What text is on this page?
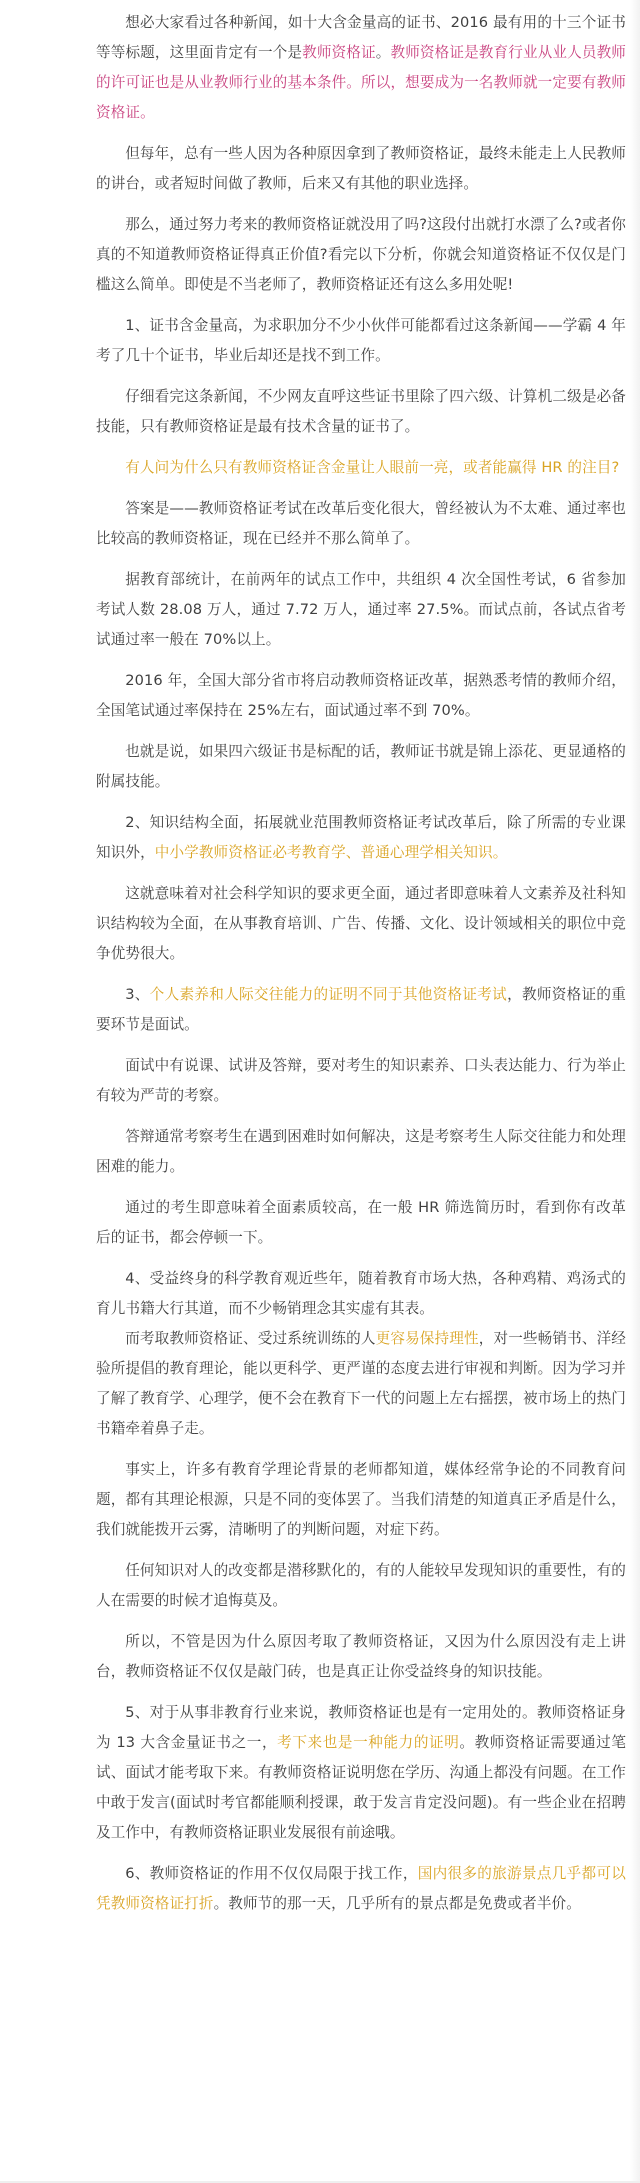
想必大家看过各种新闻，如十大含金量高的证书、2016 最有用的十三个证书等等标题，这里面肯定有一个是教师资格证。教师资格证是教育行业从业人员教师的许可证也是从业教师行业的基本条件。所以，想要成为一名教师就一定要有教师资格证。

但每年，总有一些人因为各种原因拿到了教师资格证，最终未能走上人民教师的讲台，或者短时间做了教师，后来又有其他的职业选择。

那么，通过努力考来的教师资格证就没用了吗?这段付出就打水漂了么?或者你真的不知道教师资格证得真正价值?看完以下分析，你就会知道资格证不仅仅是门槛这么简单。即使是不当老师了，教师资格证还有这么多用处呢!

1、证书含金量高，为求职加分不少小伙伴可能都看过这条新闻——学霸 4 年考了几十个证书，毕业后却还是找不到工作。

仔细看完这条新闻，不少网友直呼这些证书里除了四六级、计算机二级是必备技能，只有教师资格证是最有技术含量的证书了。

有人问为什么只有教师资格证含金量让人眼前一亮，或者能赢得 HR 的注目?

答案是——教师资格证考试在改革后变化很大，曾经被认为不太难、通过率也比较高的教师资格证，现在已经并不那么简单了。

据教育部统计，在前两年的试点工作中，共组织 4 次全国性考试，6 省参加考试人数 28.08 万人，通过 7.72 万人，通过率 27.5%。而试点前，各试点省考试通过率一般在 70%以上。

2016 年，全国大部分省市将启动教师资格证改革，据熟悉考情的教师介绍，全国笔试通过率保持在 25%左右，面试通过率不到 70%。

也就是说，如果四六级证书是标配的话，教师证书就是锦上添花、更显通格的附属技能。

2、知识结构全面，拓展就业范围教师资格证考试改革后，除了所需的专业课知识外，中小学教师资格证必考教育学、普通心理学相关知识。

这就意味着对社会科学知识的要求更全面，通过者即意味着人文素养及社科知识结构较为全面，在从事教育培训、广告、传播、文化、设计领域相关的职位中竞争优势很大。

3、个人素养和人际交往能力的证明不同于其他资格证考试，教师资格证的重要环节是面试。

面试中有说课、试讲及答辩，要对考生的知识素养、口头表达能力、行为举止有较为严苛的考察。

答辩通常考察考生在遇到困难时如何解决，这是考察考生人际交往能力和处理困难的能力。

通过的考生即意味着全面素质较高，在一般 HR 筛选简历时，看到你有改革后的证书，都会停顿一下。

4、受益终身的科学教育观近些年，随着教育市场大热，各种鸡精、鸡汤式的育儿书籍大行其道，而不少畅销理念其实虚有其表。

而考取教师资格证、受过系统训练的人更容易保持理性，对一些畅销书、洋经验所提倡的教育理论，能以更科学、更严谨的态度去进行审视和判断。因为学习并了解了教育学、心理学，便不会在教育下一代的问题上左右摇摆，被市场上的热门书籍牵着鼻子走。

事实上，许多有教育学理论背景的老师都知道，媒体经常争论的不同教育问题，都有其理论根源，只是不同的变体罢了。当我们清楚的知道真正矛盾是什么，我们就能拨开云雾，清晰明了的判断问题，对症下药。

任何知识对人的改变都是潜移默化的，有的人能较早发现知识的重要性，有的人在需要的时候才追悔莫及。

所以，不管是因为什么原因考取了教师资格证，又因为什么原因没有走上讲台，教师资格证不仅仅是敲门砖，也是真正让你受益终身的知识技能。

5、对于从事非教育行业来说，教师资格证也是有一定用处的。教师资格证身为 13 大含金量证书之一，考下来也是一种能力的证明。教师资格证需要通过笔试、面试才能考取下来。有教师资格证说明您在学历、沟通上都没有问题。在工作中敢于发言(面试时考官都能顺利授课，敢于发言肯定没问题)。有一些企业在招聘及工作中，有教师资格证职业发展很有前途哦。

6、教师资格证的作用不仅仅局限于找工作，国内很多的旅游景点几乎都可以凭教师资格证打折。教师节的那一天，几乎所有的景点都是免费或者半价。
